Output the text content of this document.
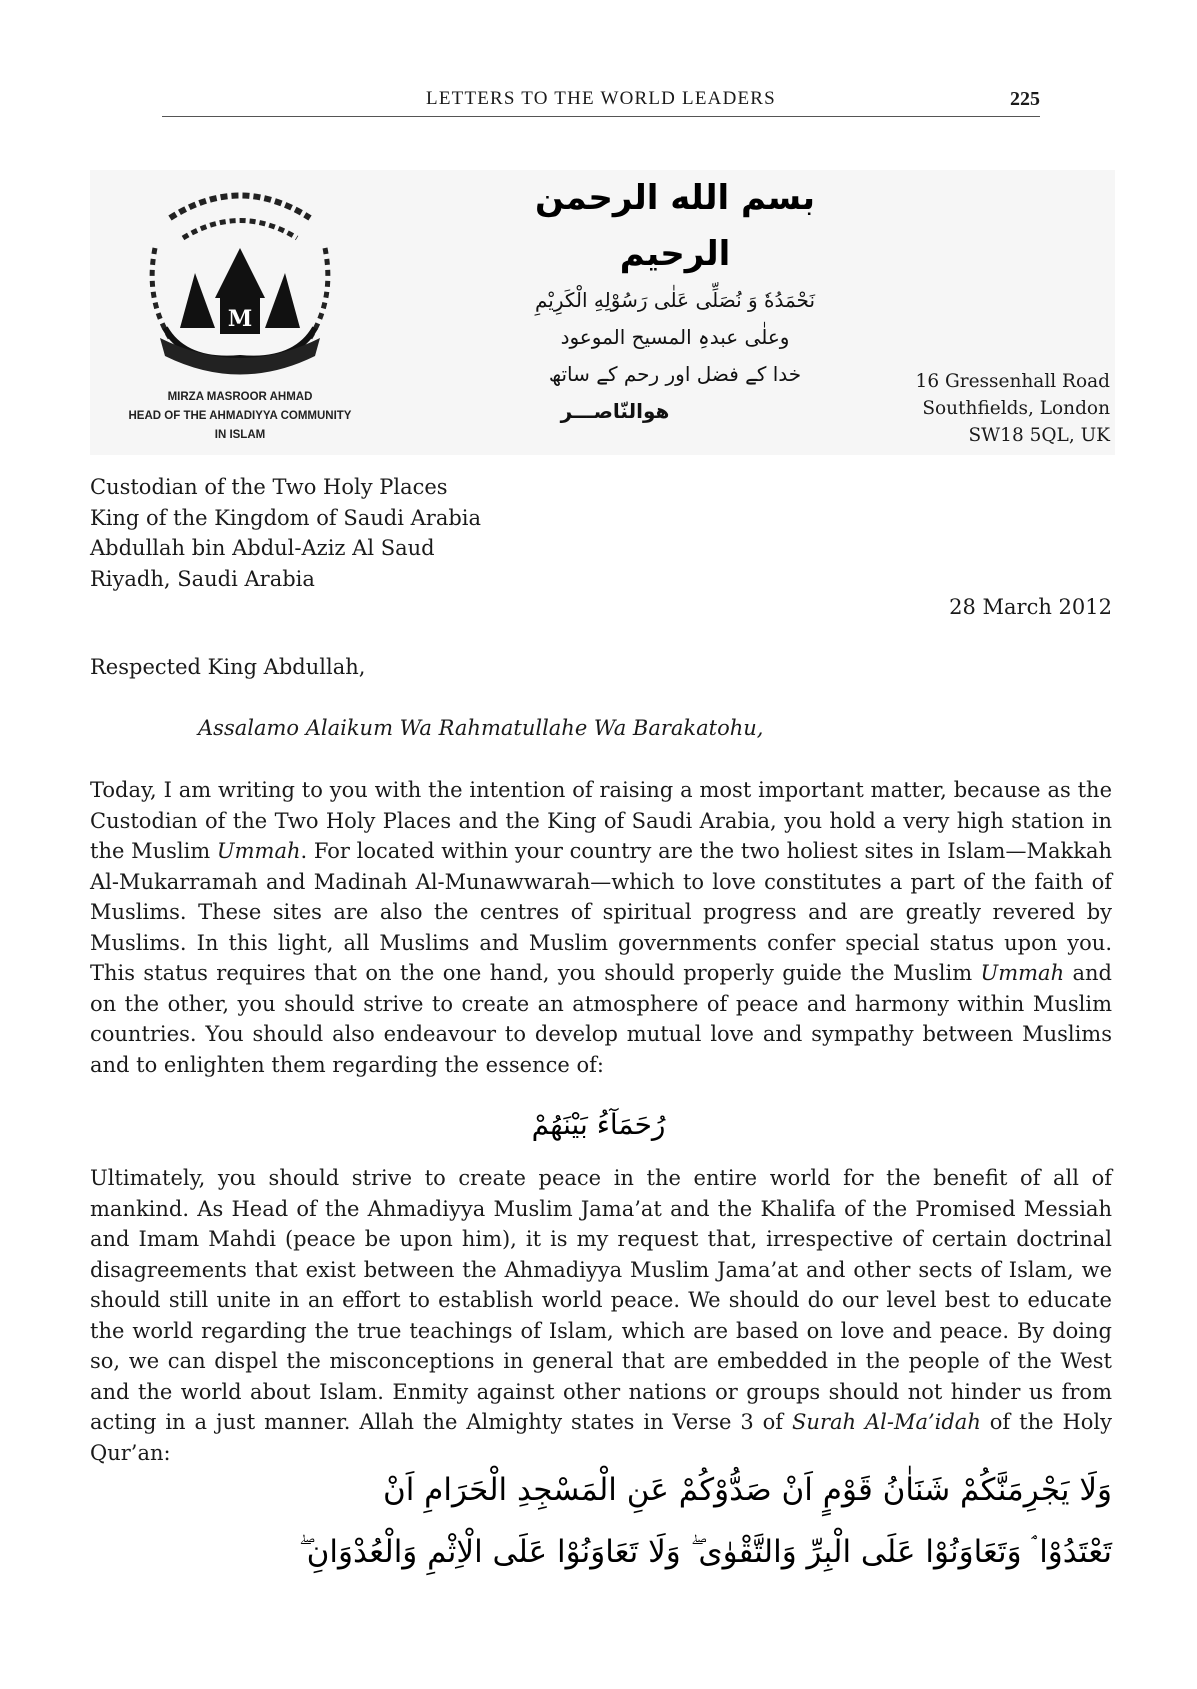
LETTERS TO THE WORLD LEADERS	225
M
MIRZA MASROOR AHMAD
HEAD OF THE AHMADIYYA COMMUNITY
IN ISLAM
بسم الله الرحمن الرحيم
نَحْمَدُهٗ وَ نُصَلِّی عَلٰی رَسُوْلِهِ الْكَرِيْمِ
وعلٰی عبدہِ المسیح الموعود
خدا کے فضل اور رحم کے ساتھ
ھوالنّاصـــر
16 Gressenhall Road
Southfields, London
SW18 5QL, UK
Custodian of the Two Holy Places
King of the Kingdom of Saudi Arabia
Abdullah bin Abdul-Aziz Al Saud
Riyadh, Saudi Arabia
28 March 2012
Respected King Abdullah,
Assalamo Alaikum Wa Rahmatullahe Wa Barakatohu,
Today, I am writing to you with the intention of raising a most important matter, because as the Custodian of the Two Holy Places and the King of Saudi Arabia, you hold a very high station in the Muslim Ummah. For located within your country are the two holiest sites in Islam—Makkah Al-Mukarramah and Madinah Al-Munawwarah—which to love constitutes a part of the faith of Muslims. These sites are also the centres of spiritual progress and are greatly revered by Muslims. In this light, all Muslims and Muslim governments confer special status upon you. This status requires that on the one hand, you should properly guide the Muslim Ummah and on the other, you should strive to create an atmosphere of peace and harmony within Muslim countries. You should also endeavour to develop mutual love and sympathy between Muslims and to enlighten them regarding the essence of:
رُحَمَآءُ بَيْنَهُمْ
Ultimately, you should strive to create peace in the entire world for the benefit of all of mankind. As Head of the Ahmadiyya Muslim Jama’at and the Khalifa of the Promised Messiah and Imam Mahdi (peace be upon him), it is my request that, irrespective of certain doctrinal disagreements that exist between the Ahmadiyya Muslim Jama’at and other sects of Islam, we should still unite in an effort to establish world peace. We should do our level best to educate the world regarding the true teachings of Islam, which are based on love and peace. By doing so, we can dispel the misconceptions in general that are embedded in the people of the West and the world about Islam. Enmity against other nations or groups should not hinder us from acting in a just manner. Allah the Almighty states in Verse 3 of Surah Al-Ma’idah of the Holy Qur’an:
وَلَا يَجْرِمَنَّكُمْ شَنَاٰنُ قَوْمٍ اَنْ صَدُّوْكُمْ عَنِ الْمَسْجِدِ الْحَرَامِ اَنْ
تَعْتَدُوْا ۘ وَتَعَاوَنُوْا عَلَى الْبِرِّ وَالتَّقْوٰى ۖ وَلَا تَعَاوَنُوْا عَلَى الْاِثْمِ وَالْعُدْوَانِ ۖ
